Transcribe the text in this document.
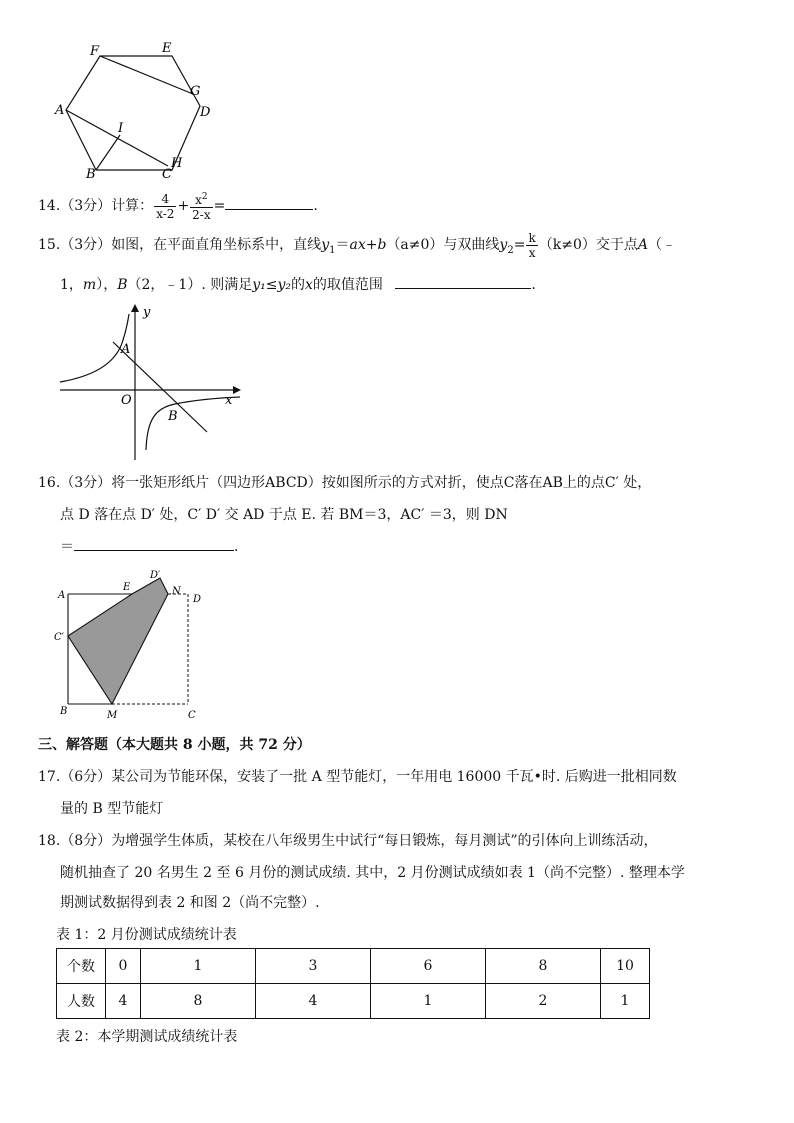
F	E
G
D
A
I
B	C
H
14.（3分）计算： $\frac{4}{x-2} + \frac{x^2}{2-x}$ =	.
15.（3分）如图，在平面直角坐标系中，直线$y_1=ax+b(a\ne 0)$与双曲线$y_2= \frac{k}{x} (k\ne 0)$交于点A（﹣
1，m），B（2，﹣1）. 则满足y₁≤y₂的x的取值范围	.
y
x
O
A
B
16.（3分）将一张矩形纸片（四边形ABCD）按如图所示的方式对折，使点C落在AB上的点C′ 处，
点 D 落在点 D′ 处，C′ D′ 交 AD 于点 E. 若 BM＝3，AC′ ＝3，则 DN
＝	.
A
E
D′
N
D
C′
B	M	C
三、解答题（本大题共 8 小题，共 72 分）
17.（6分）某公司为节能环保，安装了一批 A 型节能灯，一年用电 16000 千瓦•时. 后购进一批相同数
量的 B 型节能灯
18.（8分）为增强学生体质，某校在八年级男生中试行“每日锻炼，每月测试”的引体向上训练活动，
随机抽查了 20 名男生 2 至 6 月份的测试成绩. 其中，2 月份测试成绩如表 1（尚不完整）. 整理本学
期测试数据得到表 2 和图 2（尚不完整）.
表 1：2 月份测试成绩统计表
个数	0	1	3	6	8	10
人数	4	8	4	1	2	1
表 2：本学期测试成绩统计表
